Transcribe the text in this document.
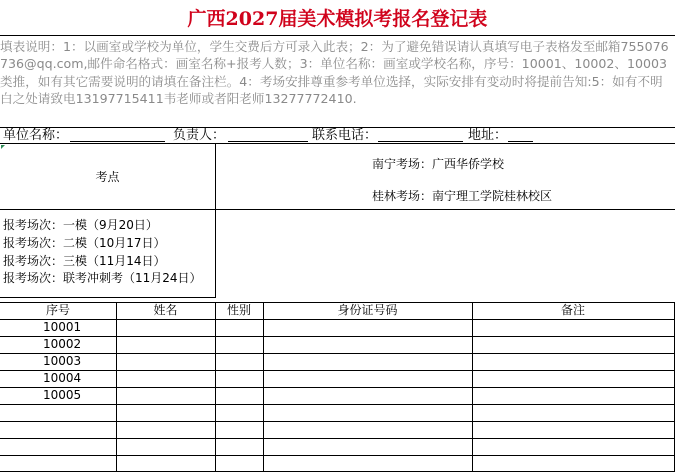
广西2027届美术模拟考报名登记表
填表说明：1：以画室或学校为单位，学生交费后方可录入此表；2：为了避免错误请认真填写电子表格发至邮箱755076736@qq.com,邮件命名格式：画室名称+报考人数；3：单位名称：画室或学校名称，序号：10001、10002、10003类推，如有其它需要说明的请填在备注栏。4：考场安排尊重参考单位选择，实际安排有变动时将提前告知:5：如有不明白之处请致电13197715411韦老师或者阳老师13277772410.
单位名称：	负责人：	联系电话：	地址：
考点
南宁考场：广西华侨学校
桂林考场：南宁理工学院桂林校区
报考场次：一模（9月20日）
报考场次：二模（10月17日）
报考场次：三模（11月14日）
报考场次：联考冲刺考（11月24日）
序号	姓名	性别	身份证号码	备注
10001
10002
10003
10004
10005
